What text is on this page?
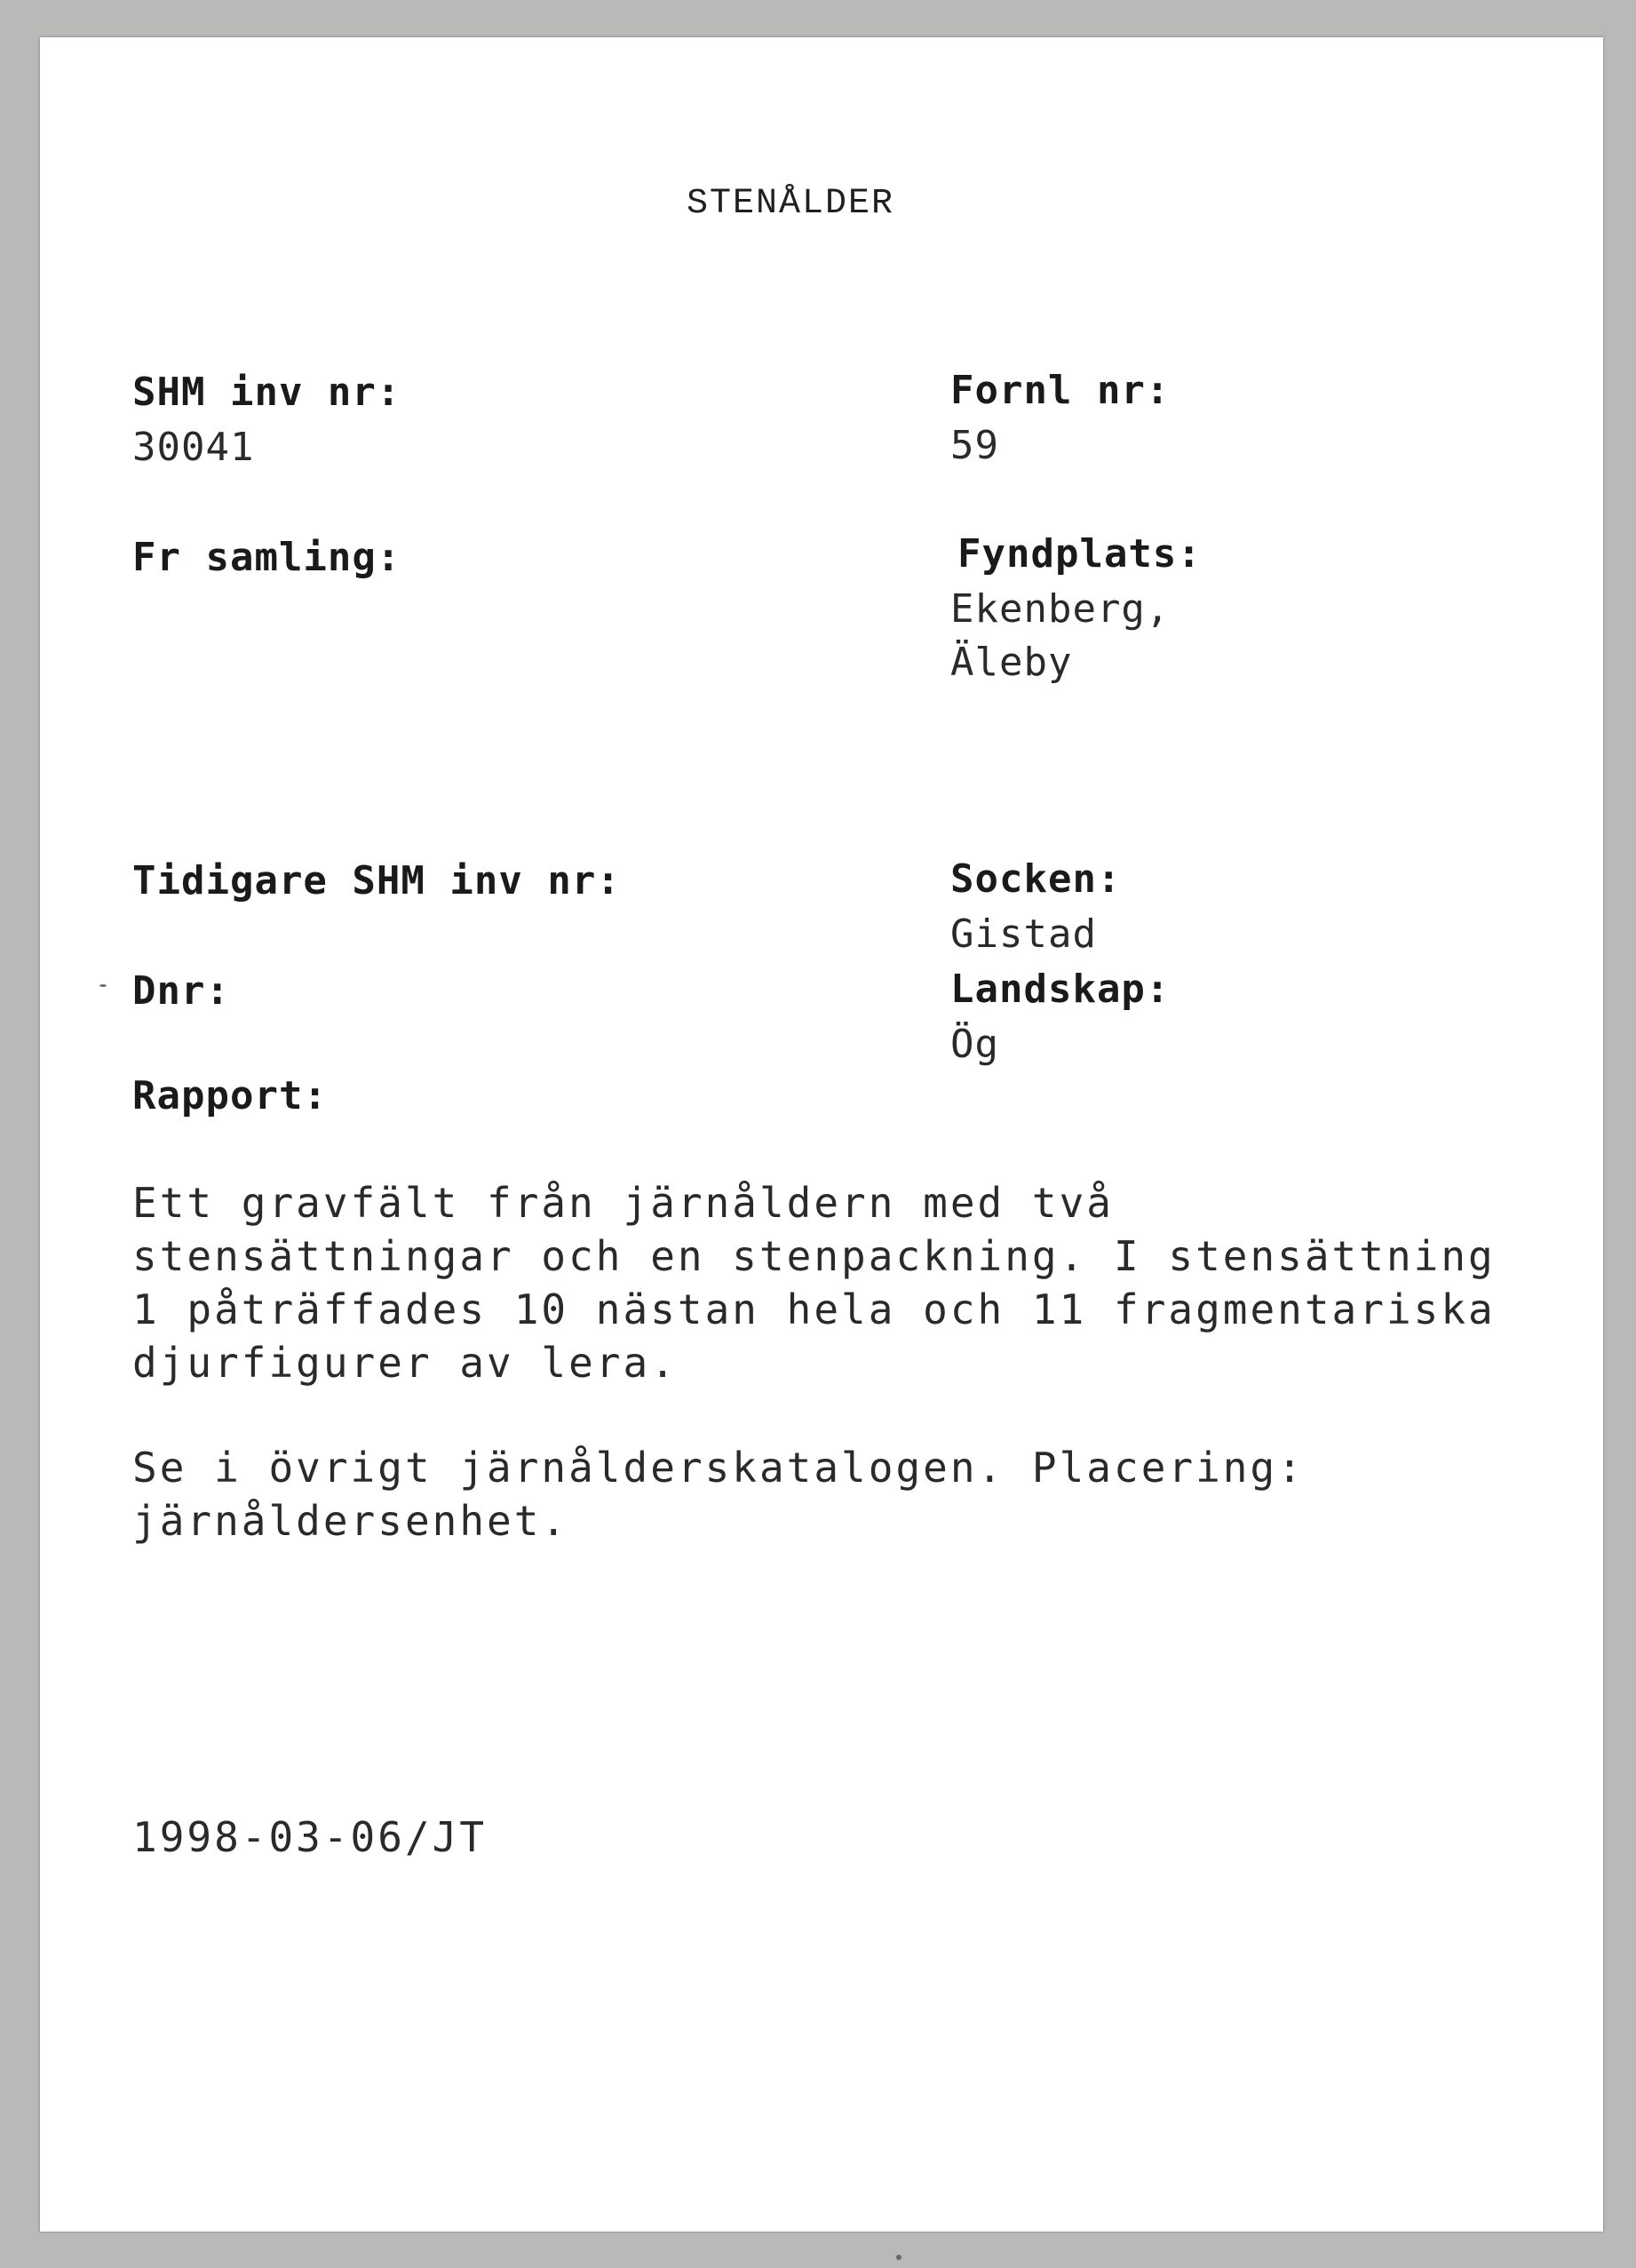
STENÅLDER
SHM inv nr:
30041
Fr samling:
Tidigare SHM inv nr:
Dnr:
Rapport:
Fornl nr:
59
Fyndplats:
Ekenberg,
Äleby
Socken:
Gistad
Landskap:
Ög
Ett gravfält från järnåldern med två
stensättningar och en stenpackning. I stensättning
1 påträffades 10 nästan hela och 11 fragmentariska
djurfigurer av lera.
Se i övrigt järnålderskatalogen. Placering:
järnåldersenhet.
1998-03-06/JT
